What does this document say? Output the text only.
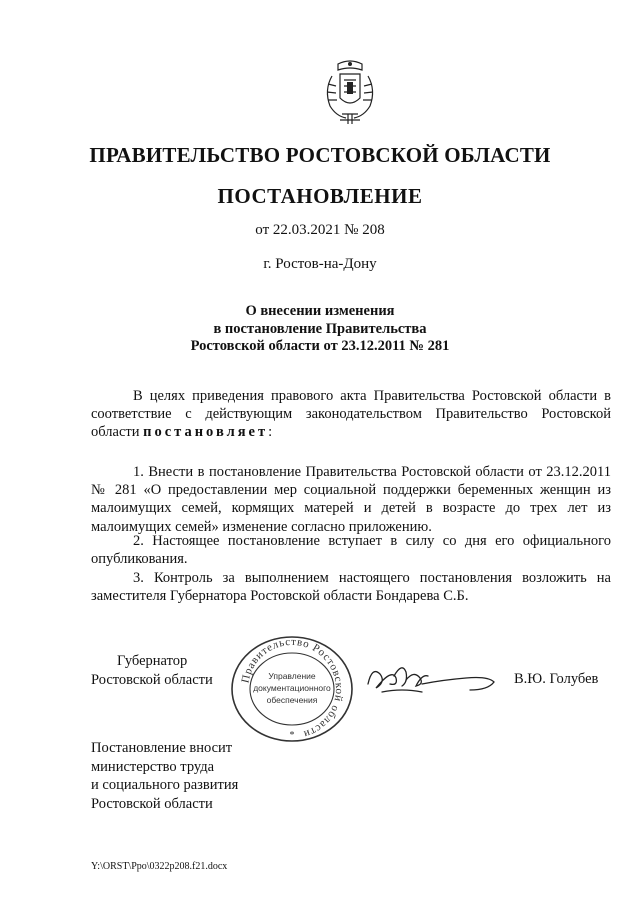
ПРАВИТЕЛЬСТВО РОСТОВСКОЙ ОБЛАСТИ
ПОСТАНОВЛЕНИЕ
от 22.03.2021 № 208
г. Ростов-на-Дону
О внесении изменения
в постановление Правительства
Ростовской области от 23.12.2011 № 281
В целях приведения правового акта Правительства Ростовской области в соответствие с действующим законодательством Правительство Ростовской области постановляет:
1. Внести в постановление Правительства Ростовской области от 23.12.2011 № 281 «О предоставлении мер социальной поддержки беременных женщин из малоимущих семей, кормящих матерей и детей в возрасте до трех лет из малоимущих семей» изменение согласно приложению.
2. Настоящее постановление вступает в силу со дня его официального опубликования.
3. Контроль за выполнением настоящего постановления возложить на заместителя Губернатора Ростовской области Бондарева С.Б.
Губернатор
Ростовской области	Правительство Ростовской области
Управление
документационного
обеспечения
*
В.Ю. Голубев
Постановление вносит
министерство труда
и социального развития
Ростовской области
Y:\ORST\Ppo\0322p208.f21.docx
